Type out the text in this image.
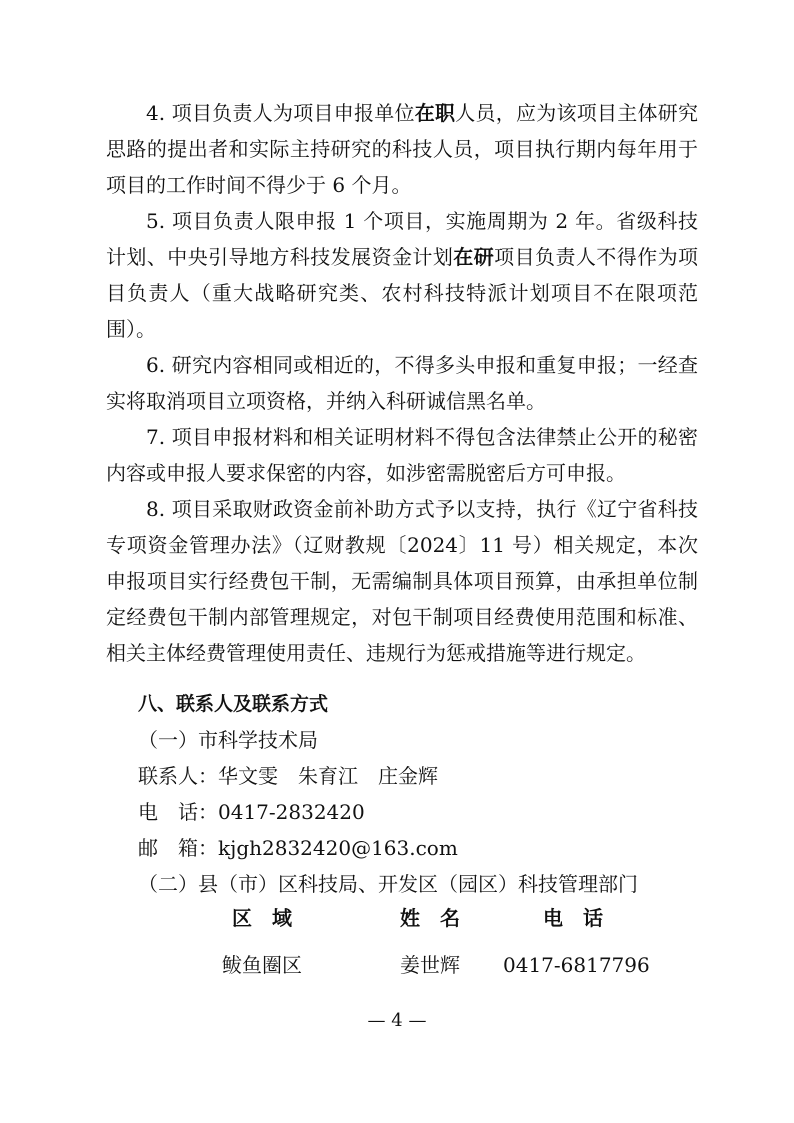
4. 项目负责人为项目申报单位在职人员，应为该项目主体研究思路的提出者和实际主持研究的科技人员，项目执行期内每年用于项目的工作时间不得少于 6 个月。

5. 项目负责人限申报 1 个项目，实施周期为 2 年。省级科技计划、中央引导地方科技发展资金计划在研项目负责人不得作为项目负责人（重大战略研究类、农村科技特派计划项目不在限项范围）。

6. 研究内容相同或相近的，不得多头申报和重复申报；一经查实将取消项目立项资格，并纳入科研诚信黑名单。

7. 项目申报材料和相关证明材料不得包含法律禁止公开的秘密内容或申报人要求保密的内容，如涉密需脱密后方可申报。

8. 项目采取财政资金前补助方式予以支持，执行《辽宁省科技专项资金管理办法》（辽财教规〔2024〕11 号）相关规定，本次申报项目实行经费包干制，无需编制具体项目预算，由承担单位制定经费包干制内部管理规定，对包干制项目经费使用范围和标准、相关主体经费管理使用责任、违规行为惩戒措施等进行规定。

八、联系人及联系方式
（一）市科学技术局
联系人：华文雯　朱育江　庄金辉
电　话：0417-2832420
邮　箱：kjgh2832420@163.com
（二）县（市）区科技局、开发区（园区）科技管理部门
区　域	姓　名	电　话
鲅鱼圈区	姜世辉	0417-6817796
— 4 —
